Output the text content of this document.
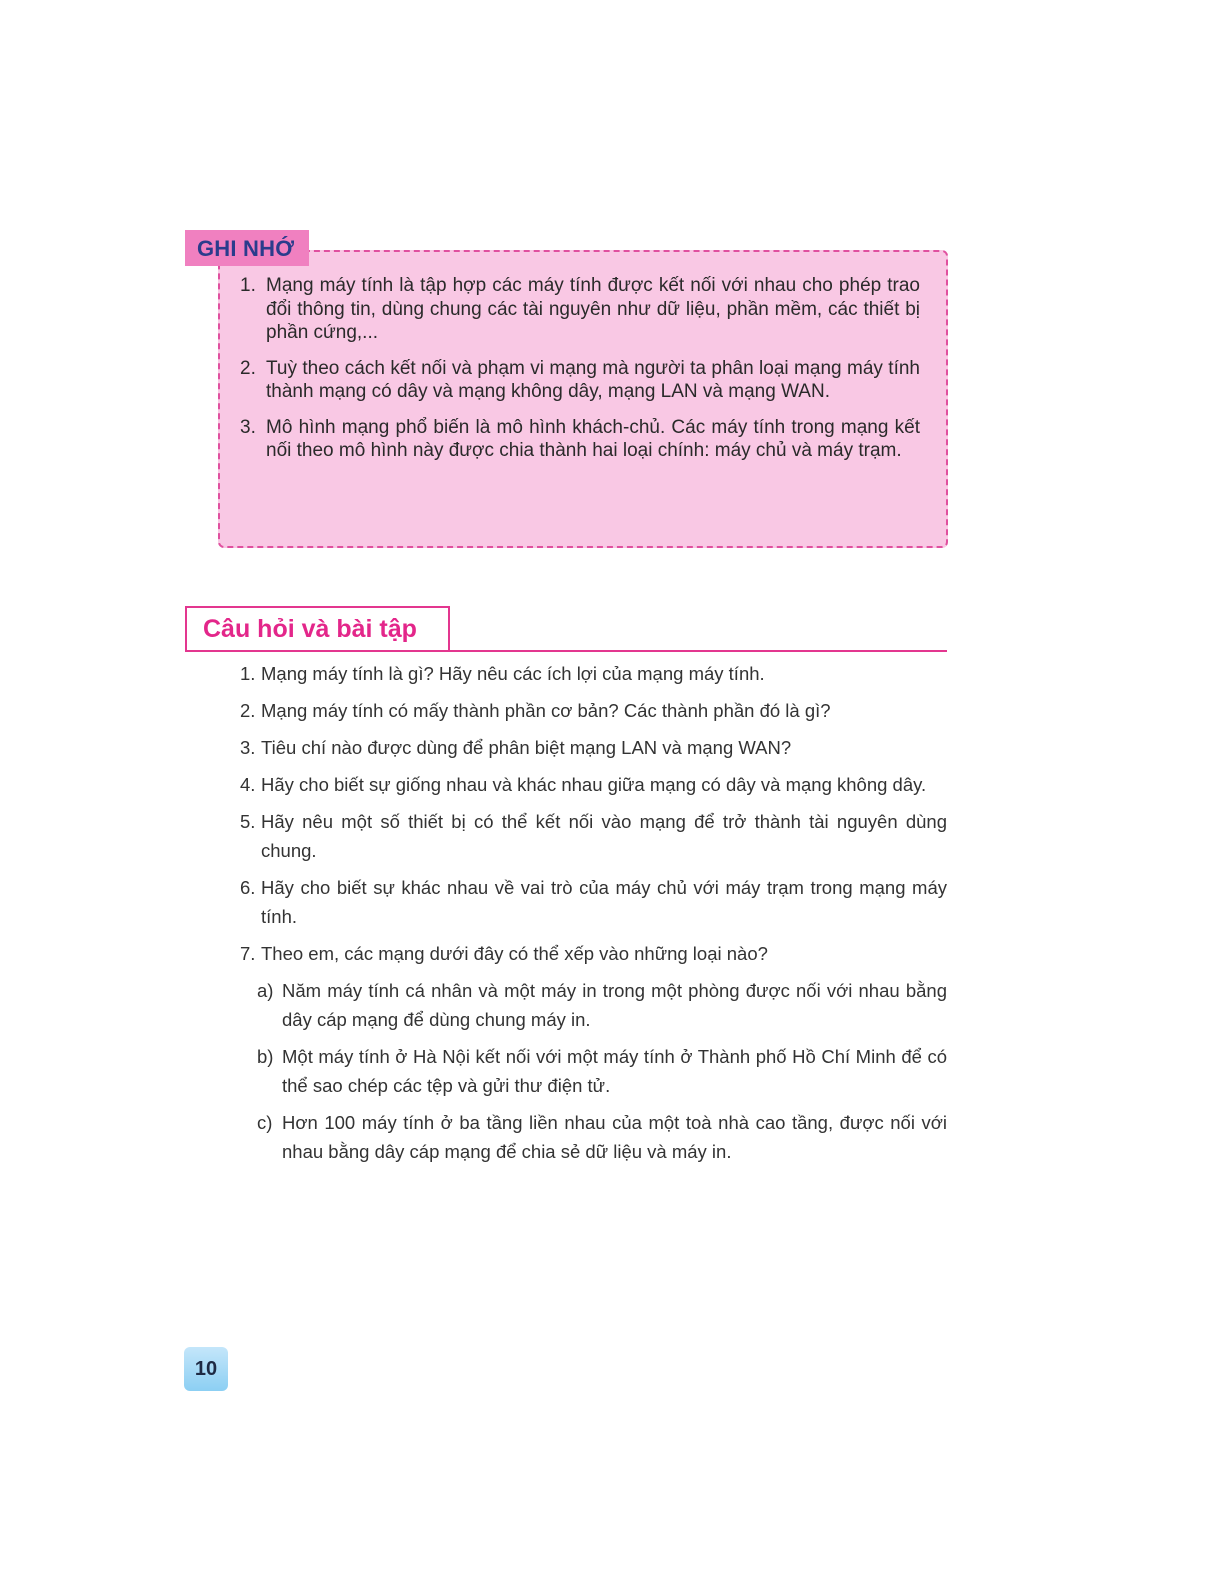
GHI NHỚ
1. Mạng máy tính là tập hợp các máy tính được kết nối với nhau cho phép trao đổi thông tin, dùng chung các tài nguyên như dữ liệu, phần mềm, các thiết bị phần cứng,...
2. Tuỳ theo cách kết nối và phạm vi mạng mà người ta phân loại mạng máy tính thành mạng có dây và mạng không dây, mạng LAN và mạng WAN.
3. Mô hình mạng phổ biến là mô hình khách-chủ. Các máy tính trong mạng kết nối theo mô hình này được chia thành hai loại chính: máy chủ và máy trạm.
Câu hỏi và bài tập
1. Mạng máy tính là gì? Hãy nêu các ích lợi của mạng máy tính.
2. Mạng máy tính có mấy thành phần cơ bản? Các thành phần đó là gì?
3. Tiêu chí nào được dùng để phân biệt mạng LAN và mạng WAN?
4. Hãy cho biết sự giống nhau và khác nhau giữa mạng có dây và mạng không dây.
5. Hãy nêu một số thiết bị có thể kết nối vào mạng để trở thành tài nguyên dùng chung.
6. Hãy cho biết sự khác nhau về vai trò của máy chủ với máy trạm trong mạng máy tính.
7. Theo em, các mạng dưới đây có thể xếp vào những loại nào?
a) Năm máy tính cá nhân và một máy in trong một phòng được nối với nhau bằng dây cáp mạng để dùng chung máy in.
b) Một máy tính ở Hà Nội kết nối với một máy tính ở Thành phố Hồ Chí Minh để có thể sao chép các tệp và gửi thư điện tử.
c) Hơn 100 máy tính ở ba tầng liền nhau của một toà nhà cao tầng, được nối với nhau bằng dây cáp mạng để chia sẻ dữ liệu và máy in.
10
